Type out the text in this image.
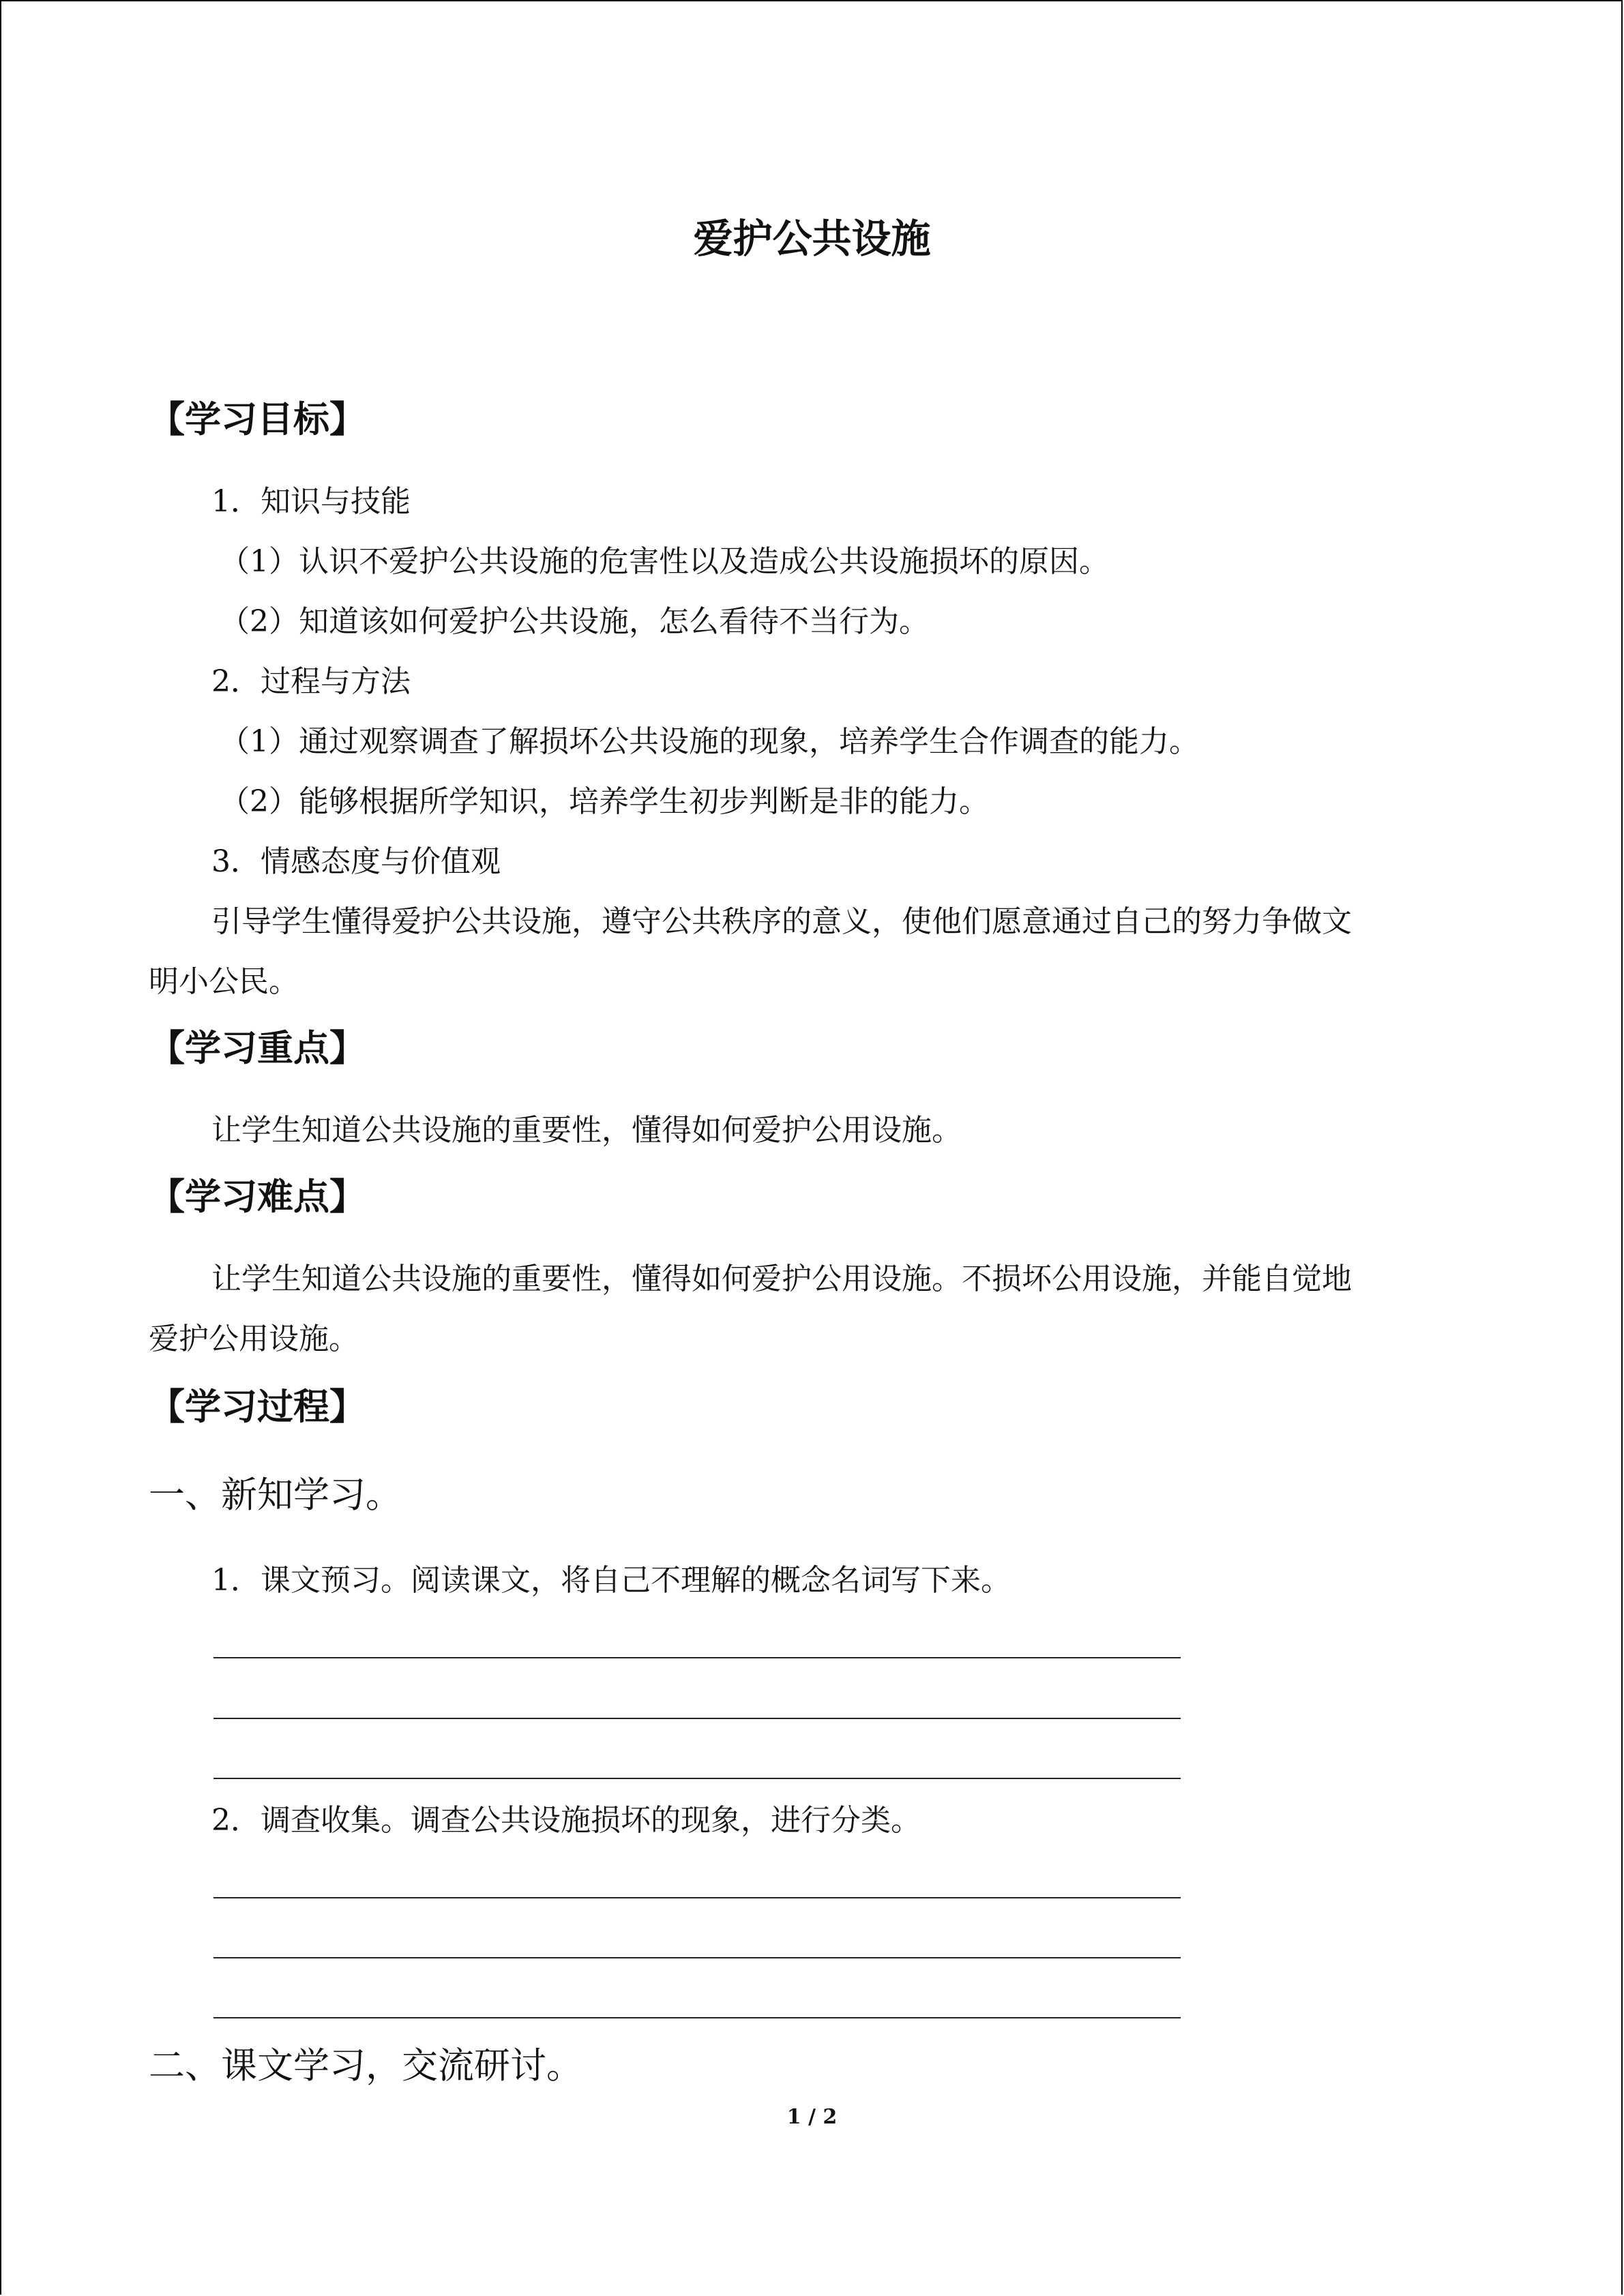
爱护公共设施
【学习目标】
1．知识与技能
（1）认识不爱护公共设施的危害性以及造成公共设施损坏的原因。
（2）知道该如何爱护公共设施，怎么看待不当行为。
2．过程与方法
（1）通过观察调查了解损坏公共设施的现象，培养学生合作调查的能力。
（2）能够根据所学知识，培养学生初步判断是非的能力。
3．情感态度与价值观
引导学生懂得爱护公共设施，遵守公共秩序的意义，使他们愿意通过自己的努力争做文
明小公民。
【学习重点】
让学生知道公共设施的重要性，懂得如何爱护公用设施。
【学习难点】
让学生知道公共设施的重要性，懂得如何爱护公用设施。不损坏公用设施，并能自觉地
爱护公用设施。
【学习过程】
一、新知学习。
1．课文预习。阅读课文，将自己不理解的概念名词写下来。
2．调查收集。调查公共设施损坏的现象，进行分类。
二、课文学习，交流研讨。
1 / 2
